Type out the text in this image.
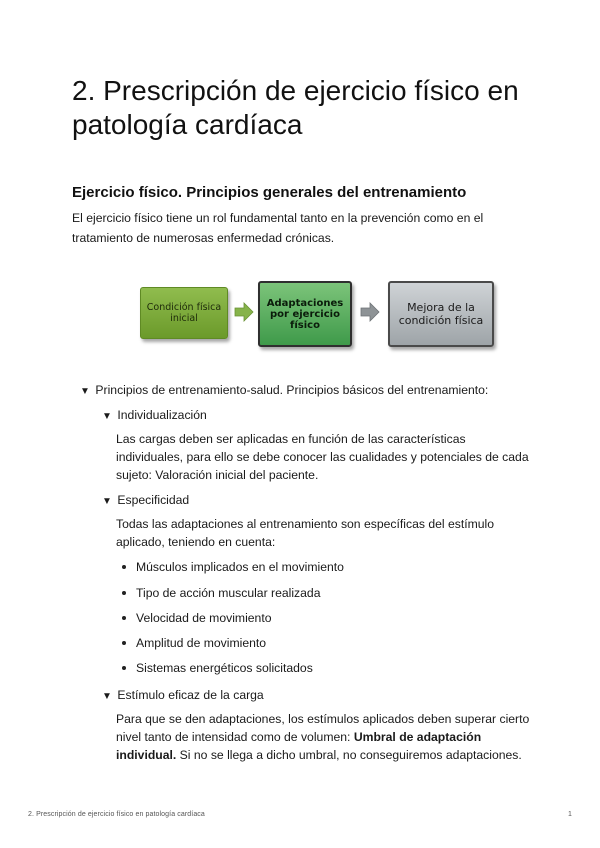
2. Prescripción de ejercicio físico en patología cardíaca
Ejercicio físico. Principios generales del entrenamiento

El ejercicio físico tiene un rol fundamental tanto en la prevención como en el tratamiento de numerosas enfermedad crónicas.

Condición física inicial
Adaptaciones por ejercicio físico
Mejora de la condición física
▼ Principios de entrenamiento-salud. Principios básicos del entrenamiento:
▼ Individualización

Las cargas deben ser aplicadas en función de las características individuales, para ello se debe conocer las cualidades y potenciales de cada sujeto: Valoración inicial del paciente.

▼ Especificidad

Todas las adaptaciones al entrenamiento son específicas del estímulo aplicado, teniendo en cuenta:

Músculos implicados en el movimiento
Tipo de acción muscular realizada
Velocidad de movimiento
Amplitud de movimiento
Sistemas energéticos solicitados
▼ Estímulo eficaz de la carga

Para que se den adaptaciones, los estímulos aplicados deben superar cierto nivel tanto de intensidad como de volumen: Umbral de adaptación individual. Si no se llega a dicho umbral, no conseguiremos adaptaciones.

2. Prescripción de ejercicio físico en patología cardíaca	1
